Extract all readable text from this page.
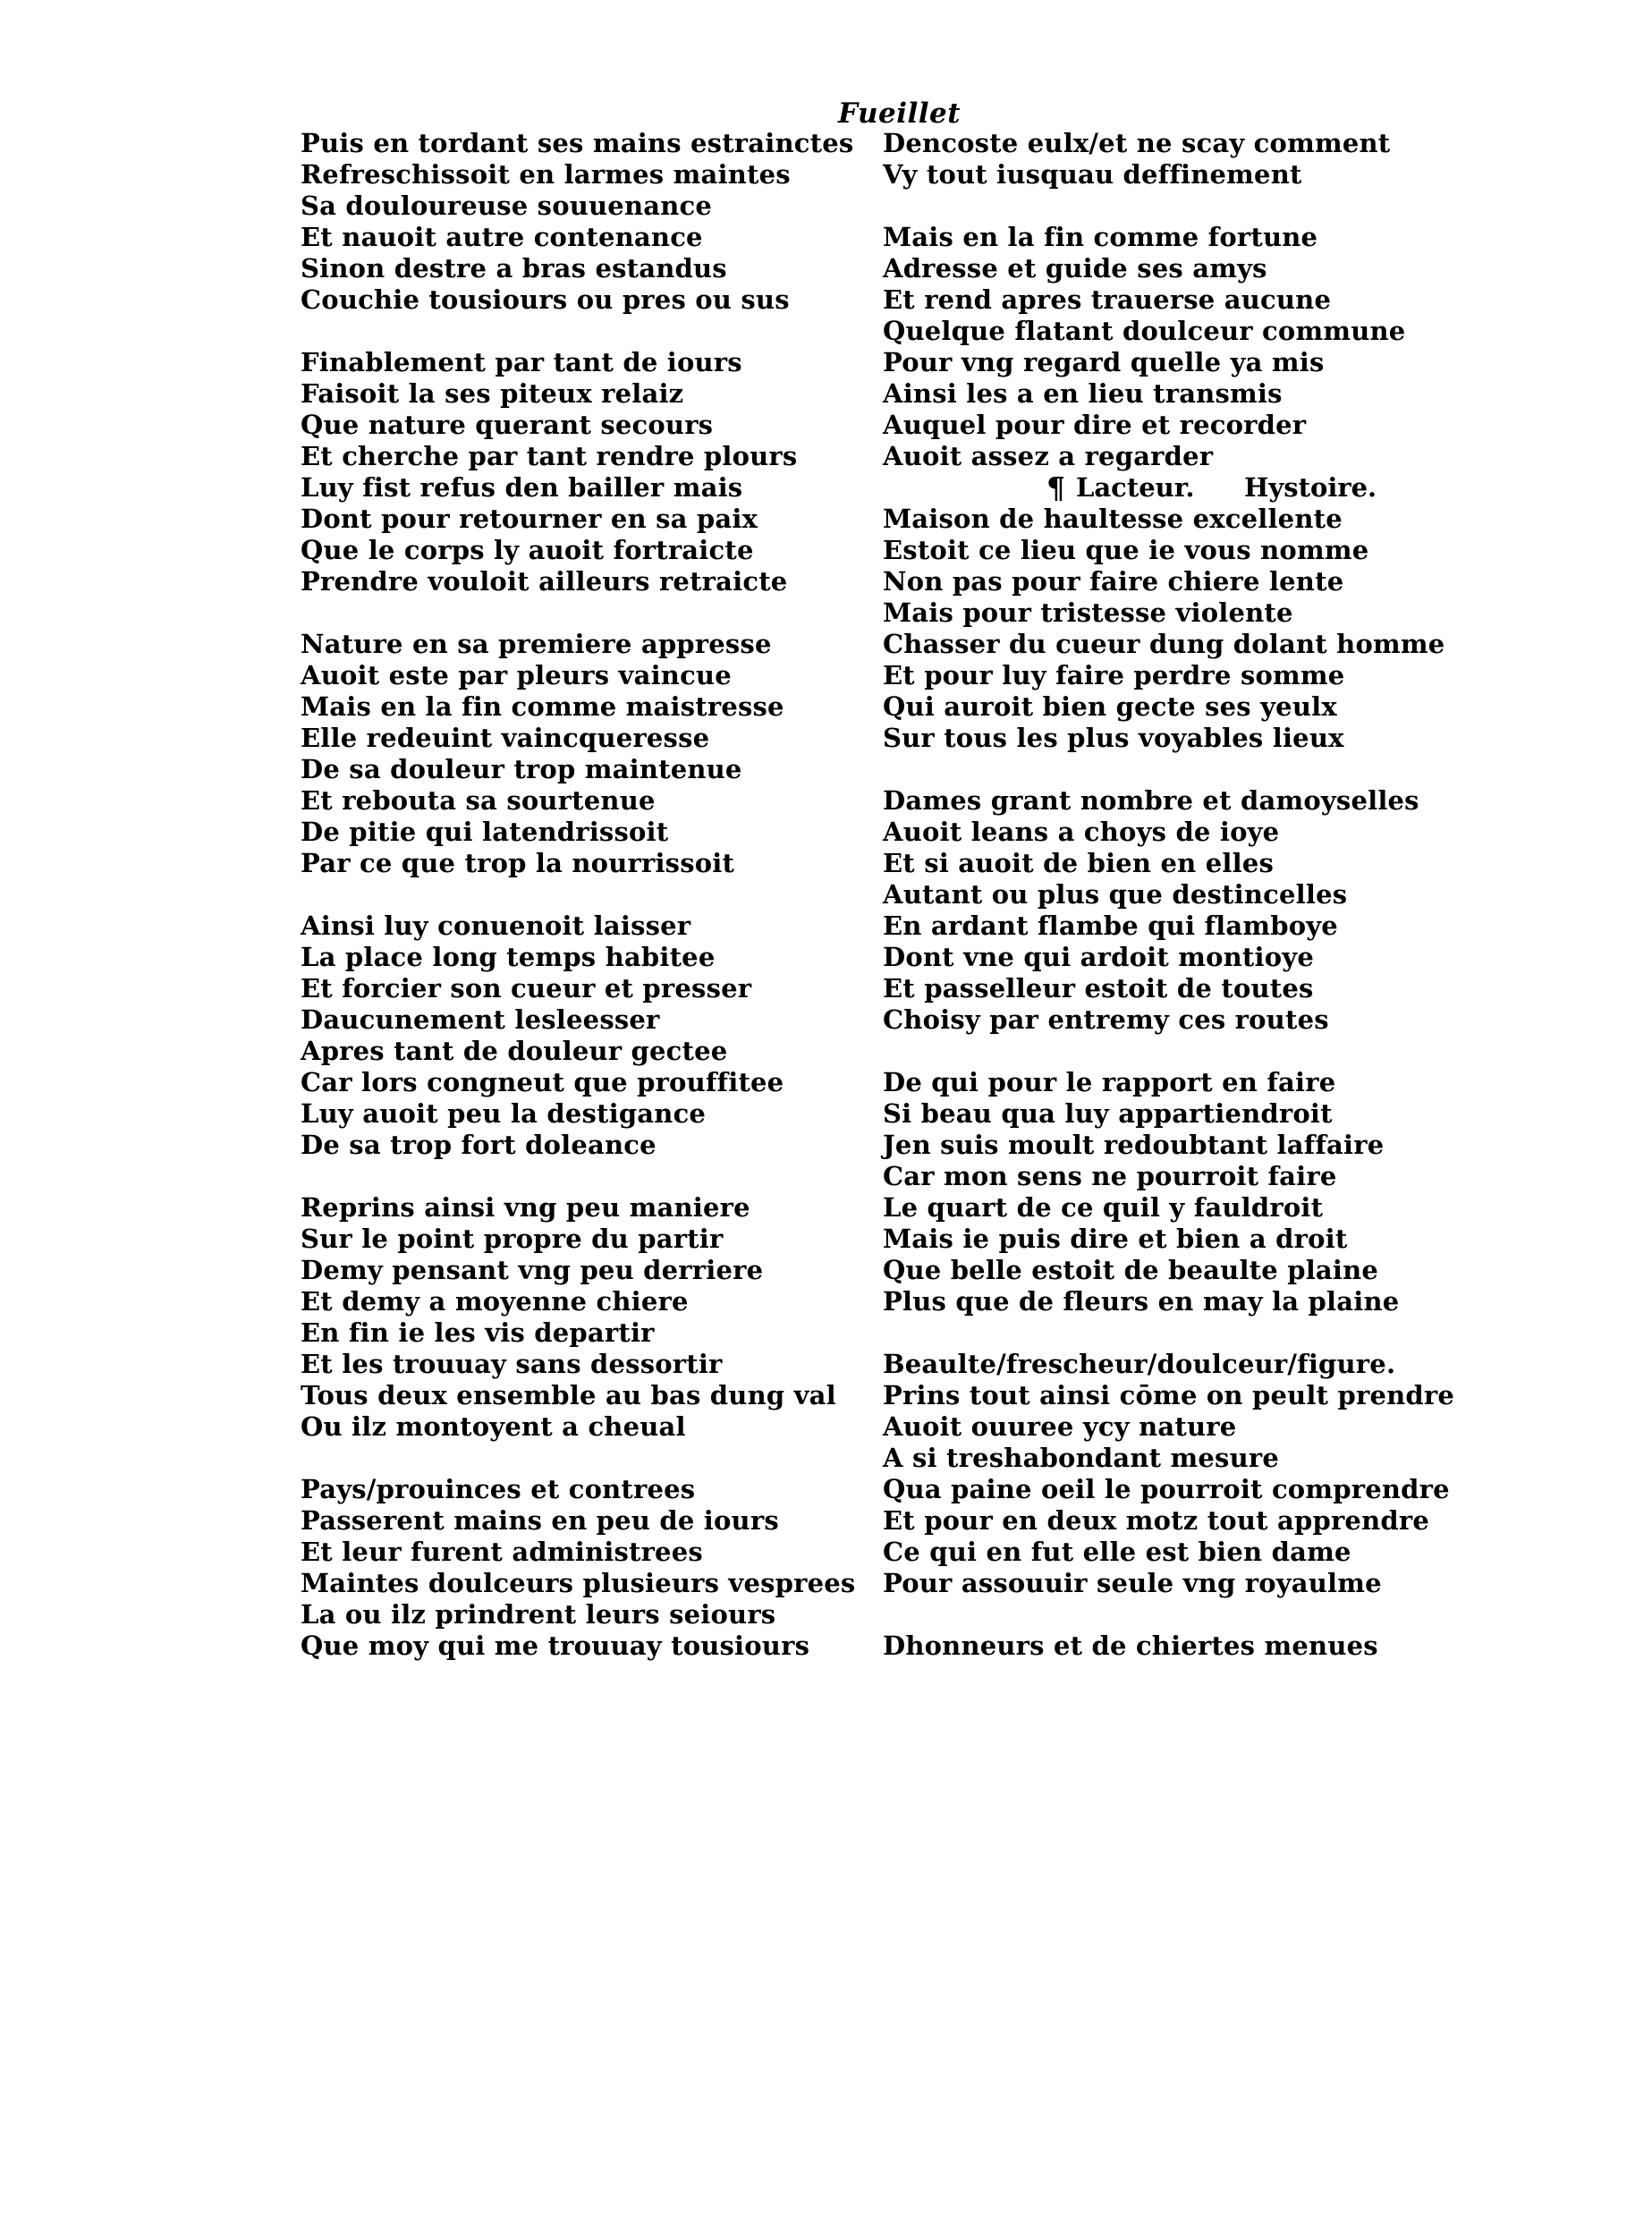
Fueillet
Puis en tordant ses mains estrainctes
Refreschissoit en larmes maintes
Sa douloureuse souuenance
Et nauoit autre contenance
Sinon destre a bras estandus
Couchie tousiours ou pres ou sus
Finablement par tant de iours
Faisoit la ses piteux relaiz
Que nature querant secours
Et cherche par tant rendre plours
Luy fist refus den bailler mais
Dont pour retourner en sa paix
Que le corps ly auoit fortraicte
Prendre vouloit ailleurs retraicte
Nature en sa premiere appresse
Auoit este par pleurs vaincue
Mais en la fin comme maistresse
Elle redeuint vaincqueresse
De sa douleur trop maintenue
Et rebouta sa sourtenue
De pitie qui latendrissoit
Par ce que trop la nourrissoit
Ainsi luy conuenoit laisser
La place long temps habitee
Et forcier son cueur et presser
Daucunement lesleesser
Apres tant de douleur gectee
Car lors congneut que prouffitee
Luy auoit peu la destigance
De sa trop fort doleance
Reprins ainsi vng peu maniere
Sur le point propre du partir
Demy pensant vng peu derriere
Et demy a moyenne chiere
En fin ie les vis departir
Et les trouuay sans dessortir
Tous deux ensemble au bas dung val
Ou ilz montoyent a cheual
Pays/prouinces et contrees
Passerent mains en peu de iours
Et leur furent administrees
Maintes doulceurs plusieurs vesprees
La ou ilz prindrent leurs seiours
Que moy qui me trouuay tousiours
Dencoste eulx/et ne scay comment
Vy tout iusquau deffinement
Mais en la fin comme fortune
Adresse et guide ses amys
Et rend apres trauerse aucune
Quelque flatant doulceur commune
Pour vng regard quelle ya mis
Ainsi les a en lieu transmis
Auquel pour dire et recorder
Auoit assez a regarder
¶ Lacteur. Hystoire.
Maison de haultesse excellente
Estoit ce lieu que ie vous nomme
Non pas pour faire chiere lente
Mais pour tristesse violente
Chasser du cueur dung dolant homme
Et pour luy faire perdre somme
Qui auroit bien gecte ses yeulx
Sur tous les plus voyables lieux
Dames grant nombre et damoyselles
Auoit leans a choys de ioye
Et si auoit de bien en elles
Autant ou plus que destincelles
En ardant flambe qui flamboye
Dont vne qui ardoit montioye
Et passelleur estoit de toutes
Choisy par entremy ces routes
De qui pour le rapport en faire
Si beau qua luy appartiendroit
Jen suis moult redoubtant laffaire
Car mon sens ne pourroit faire
Le quart de ce quil y fauldroit
Mais ie puis dire et bien a droit
Que belle estoit de beaulte plaine
Plus que de fleurs en may la plaine
Beaulte/frescheur/doulceur/figure.
Prins tout ainsi cōme on peult prendre
Auoit ouuree ycy nature
A si treshabondant mesure
Qua paine oeil le pourroit comprendre
Et pour en deux motz tout apprendre
Ce qui en fut elle est bien dame
Pour assouuir seule vng royaulme
Dhonneurs et de chiertes menues
